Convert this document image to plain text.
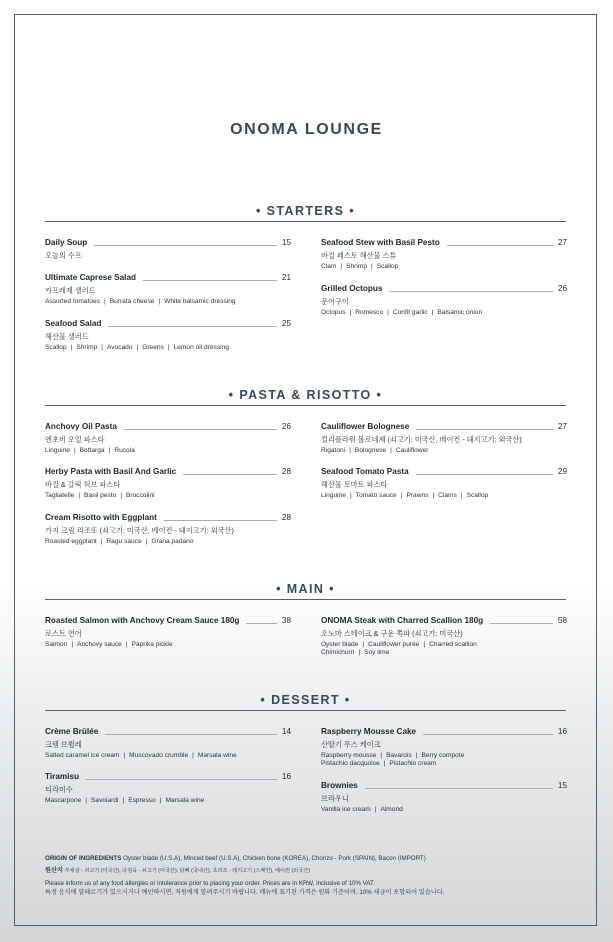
ONOMA LOUNGE
• STARTERS •
Daily Soup	15
오늘의 수프
Ultimate Caprese Salad	21
카프레제 샐러드
Assorted tomatoes | Burrata cheese | White balsamic dressing
Seafood Salad	25
해산물 샐러드
Scallop | Shrimp | Avocado | Greens | Lemon oil dressing
Seafood Stew with Basil Pesto	27
바질 페스토 해산물 스튜
Clam | Shrimp | Scallop
Grilled Octopus	26
문어구이
Octopus | Romesco | Confit garlic | Balsamic onion
• PASTA & RISOTTO •
Anchovy Oil Pasta	26
엔초비 오일 파스타
Linguine | Bottarga | Rucola
Herby Pasta with Basil And Garlic	28
바질 & 갈릭 허브 파스타
Tagliatelle | Basil pesto | Broccolini
Cream Risotto with Eggplant	28
가지 크림 리조또 (쇠고기: 미국산, 베이컨 - 돼지고기: 외국산)
Roasted eggplant | Ragu sauce | Grana padano
Cauliflower Bolognese	27
컬리플라워 볼로네제 (쇠고기: 미국산, 베이컨 - 돼지고기: 외국산)
Rigatoni | Bolognese | Cauliflower
Seafood Tomato Pasta	29
해산물 토마토 파스타
Linguine | Tomato sauce | Prawns | Clams | Scallop
• MAIN •
Roasted Salmon with Anchovy Cream Sauce 180g	38
로스트 연어
Salmon | Anchovy sauce | Paprika pickle
ONOMA Steak with Charred Scallion 180g	58
오노마 스테이크 & 구운 쪽파 (쇠고기: 미국산)
Oyster blade | Cauliflower purée | Charred scallion
Chimichurri | Soy lime
• DESSERT •
Crème Brûlée	14
크렘 브륄레
Salted caramel ice cream | Muscovado crumble | Marsala wine
Tiramisu	16
티라미수
Mascarpone | Savoiardi | Espresso | Marsala wine
Raspberry Mousse Cake	16
산딸기 무스 케이크
Raspberry mousse | Bavarois | Berry compote
Pistachio dacquoise | Pistachio cream
Brownies	15
브라우니
Vanilla ice cream | Almond
ORIGIN OF INGREDIENTS Oyster blade (U.S.A), Minced beef (U.S.A), Chicken bone (KOREA), Chorizo - Pork (SPAIN), Bacon (IMPORT)
원산지 부채살 - 쇠고기 (미국산), 다짐육 - 쇠고기 (미국산), 닭뼈 (국내산), 초리조 - 돼지고기 (스페인), 베이컨 (외국산)
Please inform us of any food allergies or intolerance prior to placing your order. Prices are in KRW, inclusive of 10% VAT.
특정 음식에 알레르기가 있으시거나 예민하시면, 직원에게 알려주시기 바랍니다. 메뉴에 표기된 가격은 원화 기준이며, 10% 세금이 포함되어 있습니다.
